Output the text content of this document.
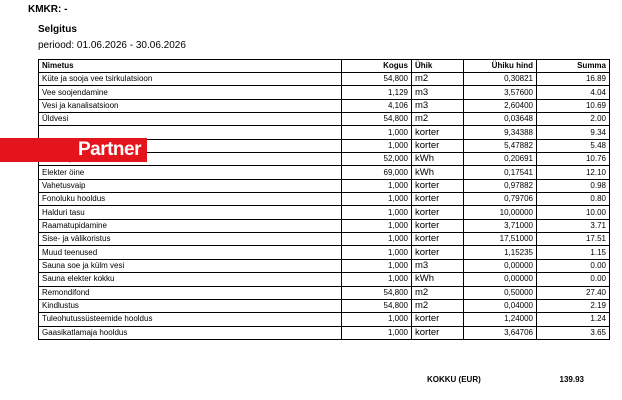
KMKR: -
Selgitus
periood: 01.06.2026 - 30.06.2026
Nimetus	Kogus	Ühik	Ühiku hind	Summa
Küte ja sooja vee tsirkulatsioon	54,800	m2	0,30821	16.89
Vee soojendamine	1,129	m3	3,57600	4.04
Vesi ja kanalisatsioon	4,106	m3	2,60400	10.69
Üldvesi	54,800	m2	0,03648	2.00
	1,000	korter	9,34388	9.34
	1,000	korter	5,47882	5.48
	52,000	kWh	0,20691	10.76
Elekter öine	69,000	kWh	0,17541	12.10
Vahetusvaip	1,000	korter	0,97882	0.98
Fonoluku hooldus	1,000	korter	0,79706	0.80
Halduri tasu	1,000	korter	10,00000	10.00
Raamatupidamine	1,000	korter	3,71000	3.71
Sise- ja välikoristus	1,000	korter	17,51000	17.51
Muud teenused	1,000	korter	1,15235	1.15
Sauna soe ja külm vesi	1,000	m3	0,00000	0.00
Sauna elekter kokku	1,000	kWh	0,00000	0.00
Remondifond	54,800	m2	0,50000	27.40
Kindlustus	54,800	m2	0,04000	2.19
Tuleohutussüsteemide hooldus	1,000	korter	1,24000	1.24
Gaasikatlamaja hooldus	1,000	korter	3,64706	3.65
KOKKU (EUR)	139.93
Partner
